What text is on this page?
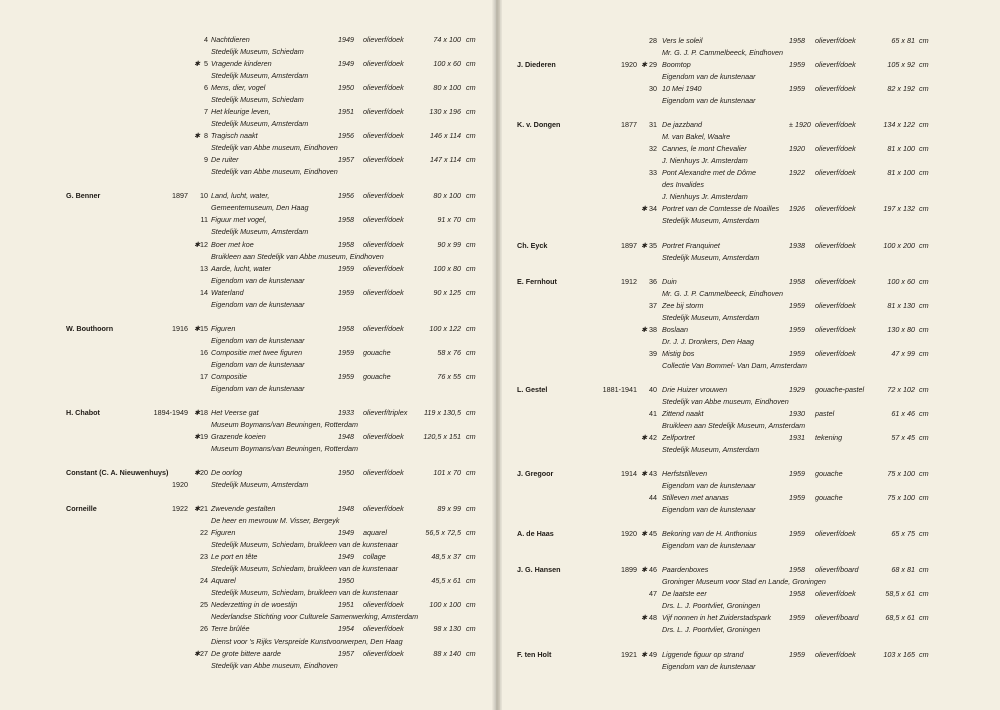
4 Nachtdieren	1949 olieverf/doek	74 x 100 cm
Stedelijk Museum, Schiedam
✱ 5 Vragende kinderen	1949 olieverf/doek	100 x 60 cm
Stedelijk Museum, Amsterdam
6 Mens, dier, vogel	1950 olieverf/doek	80 x 100 cm
Stedelijk Museum, Schiedam
7 Het kleurige leven,	1951 olieverf/doek	130 x 196 cm
Stedelijk Museum, Amsterdam
✱ 8 Tragisch naakt	1956 olieverf/doek	146 x 114 cm
Stedelijk van Abbe museum, Eindhoven
9 De ruiter	1957 olieverf/doek	147 x 114 cm
Stedelijk van Abbe museum, Eindhoven
G. Benner	1897 10 Land, lucht, water,	1956 olieverf/doek	80 x 100 cm
Gemeentemuseum, Den Haag
11 Figuur met vogel,	1958 olieverf/doek	91 x 70 cm
Stedelijk Museum, Amsterdam
✱ 12 Boer met koe	1958 olieverf/doek	90 x 99 cm
Bruikleen aan Stedelijk van Abbe museum, Eindhoven
13 Aarde, lucht, water	1959 olieverf/doek	100 x 80 cm
Eigendom van de kunstenaar
14 Waterland	1959 olieverf/doek	90 x 125 cm
Eigendom van de kunstenaar
W. Bouthoorn	1916 ✱ 15 Figuren	1958 olieverf/doek	100 x 122 cm
Eigendom van de kunstenaar
16 Compositie met twee figuren	1959 gouache	58 x 76 cm
Eigendom van de kunstenaar
17 Compositie	1959 gouache	76 x 55 cm
Eigendom van de kunstenaar
H. Chabot	1894-1949 ✱ 18 Het Veerse gat	1933 olieverf/triplex 119 x 130,5 cm
Museum Boymans/van Beuningen, Rotterdam
✱ 19 Grazende koeien	1948 olieverf/doek	120,5 x 151 cm
Museum Boymans/van Beuningen, Rotterdam
Constant (C. A. Nieuwenhuys)	✱ 20 De oorlog	1950 olieverf/doek	101 x 70 cm
1920	Stedelijk Museum, Amsterdam
Corneille	1922 ✱ 21 Zwevende gestalten	1948 olieverf/doek	89 x 99 cm
De heer en mevrouw M. Visser, Bergeyk
22 Figuren	1949 aquarel	56,5 x 72,5 cm
Stedelijk Museum, Schiedam, bruikleen van de kunstenaar
23 Le port en tête	1949 collage	48,5 x 37 cm
Stedelijk Museum, Schiedam, bruikleen van de kunstenaar
24 Aquarel	1950	45,5 x 61 cm
Stedelijk Museum, Schiedam, bruikleen van de kunstenaar
25 Nederzetting in de woestijn	1951 olieverf/doek	100 x 100 cm
Nederlandse Stichting voor Culturele Samenwerking, Amsterdam
26 Terre brûlée	1954 olieverf/doek	98 x 130 cm
Dienst voor 's Rijks Verspreide Kunstvoorwerpen, Den Haag
✱ 27 De grote bittere aarde	1957 olieverf/doek	88 x 140 cm
Stedelijk van Abbe museum, Eindhoven
28 Vers le soleil	1958 olieverf/doek	65 x 81 cm
Mr. G. J. P. Cammelbeeck, Eindhoven
J. Diederen	1920 ✱ 29 Boomtop	1959 olieverf/doek	105 x 92 cm
Eigendom van de kunstenaar
30 10 Mei 1940	1959 olieverf/doek	82 x 192 cm
Eigendom van de kunstenaar
K. v. Dongen	1877 31 De jazzband	± 1920 olieverf/doek	134 x 122 cm
M. van Bakel, Waalre
32 Cannes, le mont Chevalier	1920 olieverf/doek	81 x 100 cm
J. Nienhuys Jr. Amsterdam
33 Pont Alexandre met de Dôme	1922 olieverf/doek	81 x 100 cm
des Invalides
J. Nienhuys Jr. Amsterdam
✱ 34 Portret van de Comtesse de Noailles 1926 olieverf/doek	197 x 132 cm
Stedelijk Museum, Amsterdam
Ch. Eyck	1897 ✱ 35 Portret Franquinet	1938 olieverf/doek	100 x 200 cm
Stedelijk Museum, Amsterdam
E. Fernhout	1912 36 Duin	1958 olieverf/doek	100 x 60 cm
Mr. G. J. P. Cammelbeeck, Eindhoven
37 Zee bij storm	1959 olieverf/doek	81 x 130 cm
Stedelijk Museum, Amsterdam
✱ 38 Boslaan	1959 olieverf/doek	130 x 80 cm
Dr. J. J. Dronkers, Den Haag
39 Mistig bos	1959 olieverf/doek	47 x 99 cm
Collectie Van Bommel- Van Dam, Amsterdam
L. Gestel	1881-1941 40 Drie Huizer vrouwen	1929 gouache-pastel	72 x 102 cm
Stedelijk van Abbe museum, Eindhoven
41 Zittend naakt	1930 pastel	61 x 46 cm
Bruikleen aan Stedelijk Museum, Amsterdam
✱ 42 Zelfportret	1931 tekening	57 x 45 cm
Stedelijk Museum, Amsterdam
J. Gregoor	1914 ✱ 43 Herfststilleven	1959 gouache	75 x 100 cm
Eigendom van de kunstenaar
44 Stilleven met ananas	1959 gouache	75 x 100 cm
Eigendom van de kunstenaar
A. de Haas	1920 ✱ 45 Bekoring van de H. Anthonius	1959 olieverf/doek	65 x 75 cm
Eigendom van de kunstenaar
J. G. Hansen	1899 ✱ 46 Paardenboxes	1958 olieverf/board	68 x 81 cm
Groninger Museum voor Stad en Lande, Groningen
47 De laatste eer	1958 olieverf/doek	58,5 x 61 cm
Drs. L. J. Poortvliet, Groningen
✱ 48 Vijf nonnen in het Zuiderstadspark	1959 olieverf/board	68,5 x 61 cm
Drs. L. J. Poortvliet, Groningen
F. ten Holt	1921 ✱ 49 Liggende figuur op strand	1959 olieverf/doek	103 x 165 cm
Eigendom van de kunstenaar
